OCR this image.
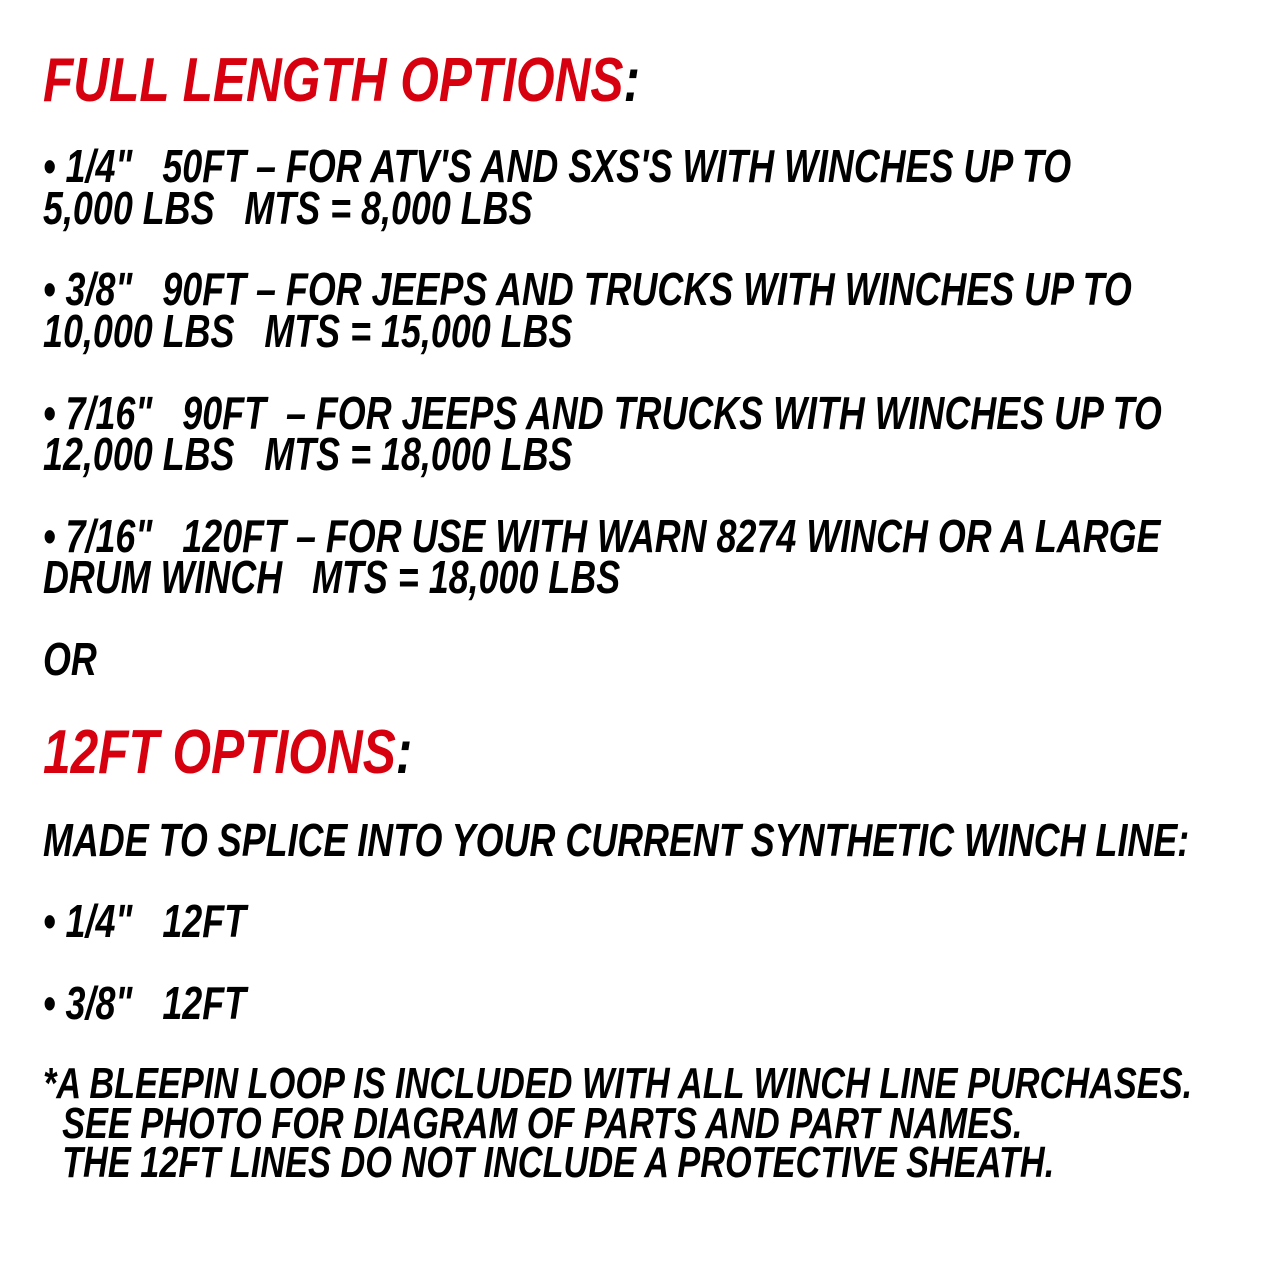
FULL LENGTH OPTIONS:
• 1/4"   50FT – FOR ATV'S AND SXS'S WITH WINCHES UP TO
5,000 LBS   MTS = 8,000 LBS
• 3/8"   90FT – FOR JEEPS AND TRUCKS WITH WINCHES UP TO
10,000 LBS   MTS = 15,000 LBS
• 7/16"   90FT  – FOR JEEPS AND TRUCKS WITH WINCHES UP TO
12,000 LBS   MTS = 18,000 LBS
• 7/16"   120FT – FOR USE WITH WARN 8274 WINCH OR A LARGE
DRUM WINCH   MTS = 18,000 LBS
OR
12FT OPTIONS:
MADE TO SPLICE INTO YOUR CURRENT SYNTHETIC WINCH LINE:
• 1/4"   12FT
• 3/8"   12FT
*A BLEEPIN LOOP IS INCLUDED WITH ALL WINCH LINE PURCHASES.
SEE PHOTO FOR DIAGRAM OF PARTS AND PART NAMES.
THE 12FT LINES DO NOT INCLUDE A PROTECTIVE SHEATH.
